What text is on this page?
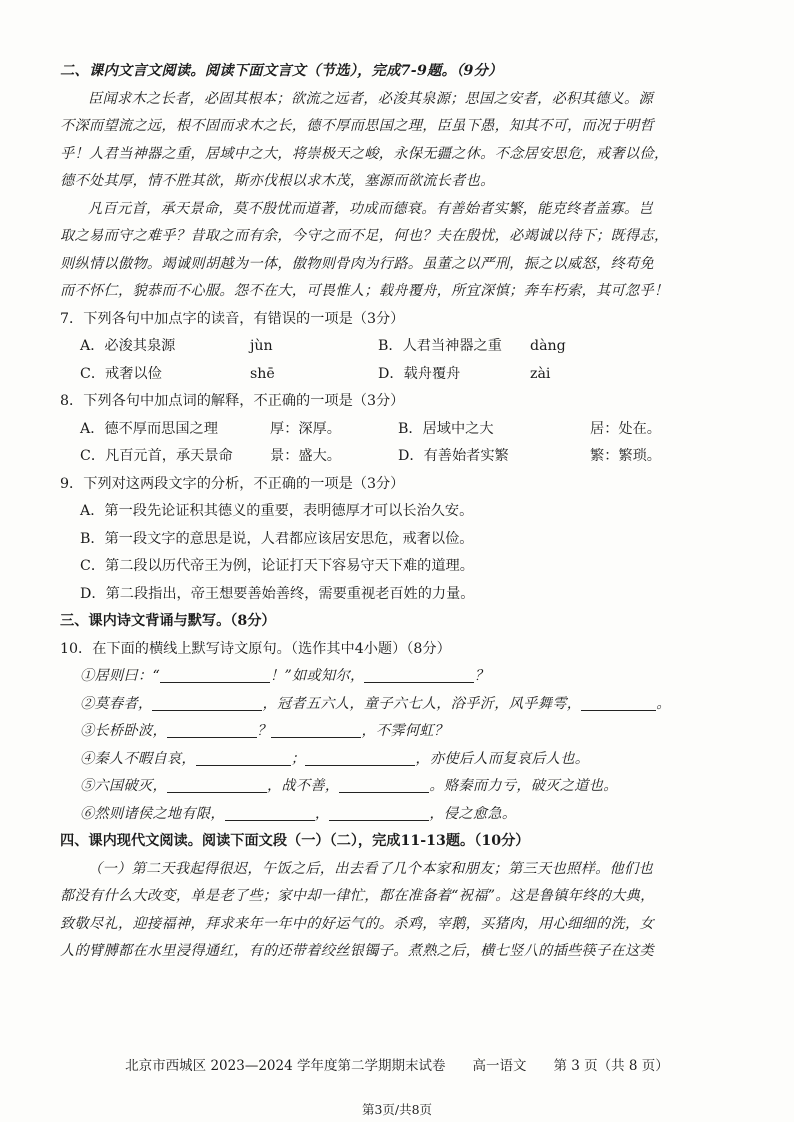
二、课内文言文阅读。阅读下面文言文（节选），完成7-9题。（9分）
臣闻求木之长者，必固其根本；欲流之远者，必浚其泉源；思国之安者，必积其德义。源
不深而望流之远，根不固而求木之长，德不厚而思国之理，臣虽下愚，知其不可，而况于明哲
乎！人君当神器之重，居域中之大，将崇极天之峻，永保无疆之休。不念居安思危，戒奢以俭，
德不处其厚，情不胜其欲，斯亦伐根以求木茂，塞源而欲流长者也。
凡百元首，承天景命，莫不殷忧而道著，功成而德衰。有善始者实繁，能克终者盖寡。岂
取之易而守之难乎？昔取之而有余，今守之而不足，何也？夫在殷忧，必竭诚以待下；既得志，
则纵情以傲物。竭诚则胡越为一体，傲物则骨肉为行路。虽董之以严刑，振之以威怒，终苟免
而不怀仁，貌恭而不心服。怨不在大，可畏惟人；载舟覆舟，所宜深慎；奔车朽索，其可忽乎！
7．下列各句中加点字的读音，有错误的一项是（3分）
A．必浚其泉源	jùn	B．人君当神器之重 dàng
C．戒奢以俭	shē	D．载舟覆舟	zài
8．下列各句中加点词的解释，不正确的一项是（3分）
A．德不厚而思国之理	厚：深厚。	B．居域中之大	居：处在。
C．凡百元首，承天景命	景：盛大。	D．有善始者实繁	繁：繁琐。
9．下列对这两段文字的分析，不正确的一项是（3分）
A．第一段先论证积其德义的重要，表明德厚才可以长治久安。
B．第一段文字的意思是说，人君都应该居安思危，戒奢以俭。
C．第二段以历代帝王为例，论证打天下容易守天下难的道理。
D．第二段指出，帝王想要善始善终，需要重视老百姓的力量。
三、课内诗文背诵与默写。（8分）
10．在下面的横线上默写诗文原句。（选作其中4小题）（8分）
①居则曰：“	！”如或知尔，	？
②莫春者，	，冠者五六人，童子六七人，浴乎沂，风乎舞雩，	。
③长桥卧波，	？	，不霁何虹？
④秦人不暇自哀，	；	，亦使后人而复哀后人也。
⑤六国破灭，	，战不善，	。赂秦而力亏，破灭之道也。
⑥然则诸侯之地有限，	，	，侵之愈急。
四、课内现代文阅读。阅读下面文段（一）（二），完成11-13题。（10分）
（一）第二天我起得很迟，午饭之后，出去看了几个本家和朋友；第三天也照样。他们也
都没有什么大改变，单是老了些；家中却一律忙，都在准备着“祝福”。这是鲁镇年终的大典，
致敬尽礼，迎接福神，拜求来年一年中的好运气的。杀鸡，宰鹅，买猪肉，用心细细的洗，女
人的臂膊都在水里浸得通红，有的还带着绞丝银镯子。煮熟之后，横七竖八的插些筷子在这类
北京市西城区 2023—2024 学年度第二学期期末试卷　　高一语文　　第 3 页（共 8 页）
第3页/共8页
